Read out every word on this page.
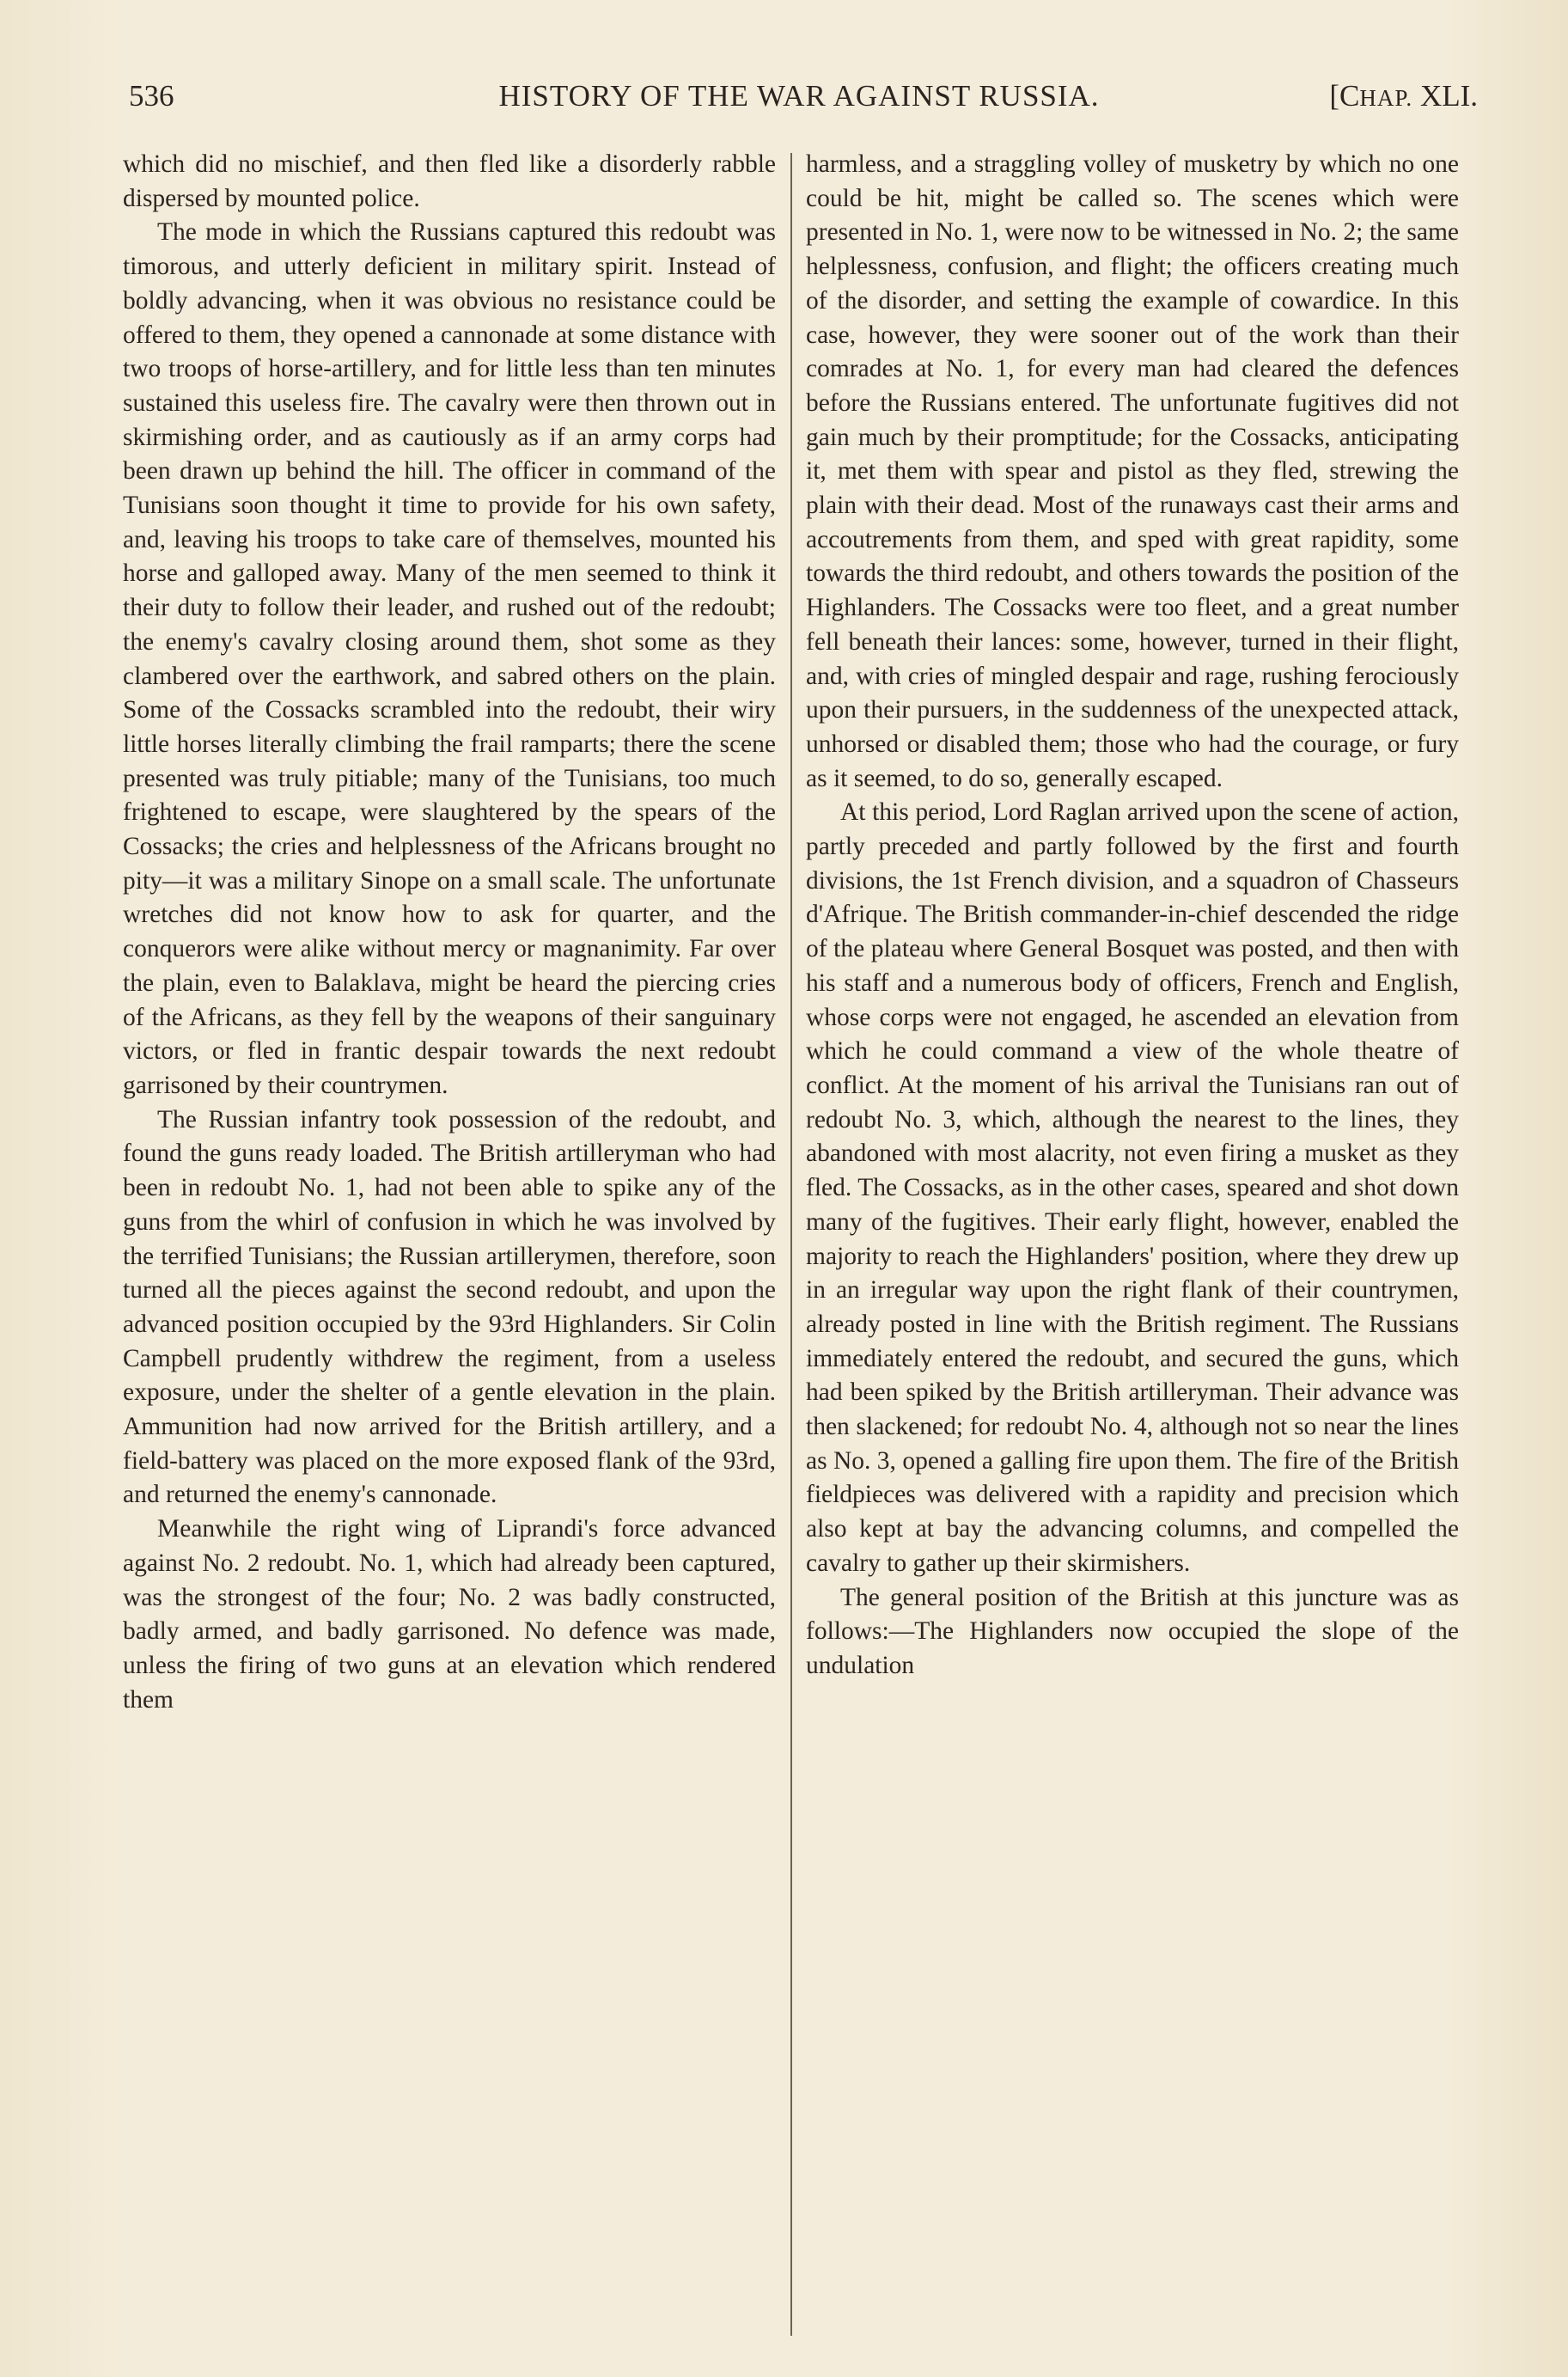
536	HISTORY OF THE WAR AGAINST RUSSIA.	[CHAP. XLI.

which did no mischief, and then fled like a disorderly rabble dispersed by mounted police.

The mode in which the Russians captured this redoubt was timorous, and utterly deficient in military spirit. Instead of boldly advancing, when it was obvious no resistance could be offered to them, they opened a cannonade at some distance with two troops of horse-artillery, and for little less than ten minutes sustained this useless fire. The cavalry were then thrown out in skirmishing order, and as cautiously as if an army corps had been drawn up behind the hill. The officer in command of the Tunisians soon thought it time to provide for his own safety, and, leaving his troops to take care of themselves, mounted his horse and galloped away. Many of the men seemed to think it their duty to follow their leader, and rushed out of the redoubt; the enemy's cavalry closing around them, shot some as they clambered over the earthwork, and sabred others on the plain. Some of the Cossacks scrambled into the redoubt, their wiry little horses literally climbing the frail ramparts; there the scene presented was truly pitiable; many of the Tunisians, too much frightened to escape, were slaughtered by the spears of the Cossacks; the cries and helplessness of the Africans brought no pity—it was a military Sinope on a small scale. The unfortunate wretches did not know how to ask for quarter, and the conquerors were alike without mercy or magnanimity. Far over the plain, even to Balaklava, might be heard the piercing cries of the Africans, as they fell by the weapons of their sanguinary victors, or fled in frantic despair towards the next redoubt garrisoned by their countrymen.

The Russian infantry took possession of the redoubt, and found the guns ready loaded. The British artilleryman who had been in redoubt No. 1, had not been able to spike any of the guns from the whirl of confusion in which he was involved by the terrified Tunisians; the Russian artillerymen, therefore, soon turned all the pieces against the second redoubt, and upon the advanced position occupied by the 93rd Highlanders. Sir Colin Campbell prudently withdrew the regiment, from a useless exposure, under the shelter of a gentle elevation in the plain. Ammunition had now arrived for the British artillery, and a field-battery was placed on the more exposed flank of the 93rd, and returned the enemy's cannonade.

Meanwhile the right wing of Liprandi's force advanced against No. 2 redoubt. No. 1, which had already been captured, was the strongest of the four; No. 2 was badly constructed, badly armed, and badly garrisoned. No defence was made, unless the firing of two guns at an elevation which rendered them

harmless, and a straggling volley of musketry by which no one could be hit, might be called so. The scenes which were presented in No. 1, were now to be witnessed in No. 2; the same helplessness, confusion, and flight; the officers creating much of the disorder, and setting the example of cowardice. In this case, however, they were sooner out of the work than their comrades at No. 1, for every man had cleared the defences before the Russians entered. The unfortunate fugitives did not gain much by their promptitude; for the Cossacks, anticipating it, met them with spear and pistol as they fled, strewing the plain with their dead. Most of the runaways cast their arms and accoutrements from them, and sped with great rapidity, some towards the third redoubt, and others towards the position of the Highlanders. The Cossacks were too fleet, and a great number fell beneath their lances: some, however, turned in their flight, and, with cries of mingled despair and rage, rushing ferociously upon their pursuers, in the suddenness of the unexpected attack, unhorsed or disabled them; those who had the courage, or fury as it seemed, to do so, generally escaped.

At this period, Lord Raglan arrived upon the scene of action, partly preceded and partly followed by the first and fourth divisions, the 1st French division, and a squadron of Chasseurs d'Afrique. The British commander-in-chief descended the ridge of the plateau where General Bosquet was posted, and then with his staff and a numerous body of officers, French and English, whose corps were not engaged, he ascended an elevation from which he could command a view of the whole theatre of conflict. At the moment of his arrival the Tunisians ran out of redoubt No. 3, which, although the nearest to the lines, they abandoned with most alacrity, not even firing a musket as they fled. The Cossacks, as in the other cases, speared and shot down many of the fugitives. Their early flight, however, enabled the majority to reach the Highlanders' position, where they drew up in an irregular way upon the right flank of their countrymen, already posted in line with the British regiment. The Russians immediately entered the redoubt, and secured the guns, which had been spiked by the British artilleryman. Their advance was then slackened; for redoubt No. 4, although not so near the lines as No. 3, opened a galling fire upon them. The fire of the British fieldpieces was delivered with a rapidity and precision which also kept at bay the advancing columns, and compelled the cavalry to gather up their skirmishers.

The general position of the British at this juncture was as follows:—The Highlanders now occupied the slope of the undulation
